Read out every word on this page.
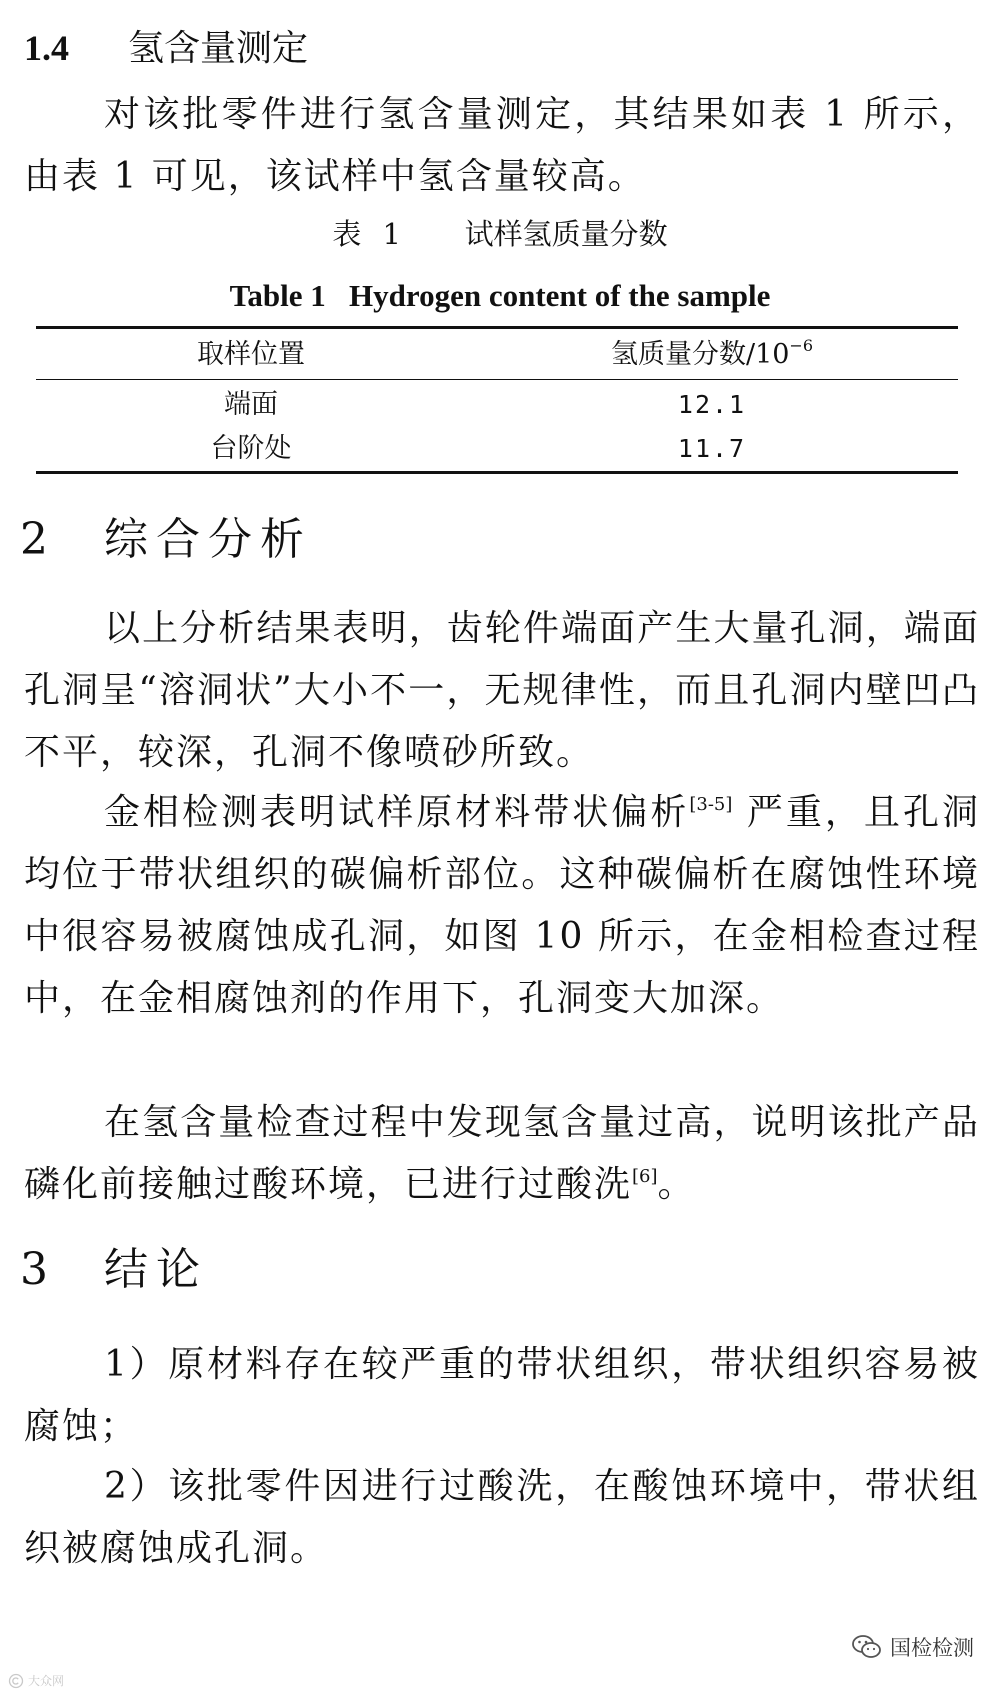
1.4 氢含量测定

对该批零件进行氢含量测定，其结果如表 1 所示，由表 1 可见，该试样中氢含量较高。

表 1   试样氢质量分数
Table 1   Hydrogen content of the sample
取样位置	氢质量分数$/10^{-6}$
端面	12.1
台阶处	11.7
2 综合分析

以上分析结果表明，齿轮件端面产生大量孔洞，端面孔洞呈“溶洞状”大小不一，无规律性，而且孔洞内壁凹凸不平，较深，孔洞不像喷砂所致。

金相检测表明试样原材料带状偏析[3-5] 严重，且孔洞均位于带状组织的碳偏析部位。这种碳偏析在腐蚀性环境中很容易被腐蚀成孔洞，如图 10 所示，在金相检查过程中，在金相腐蚀剂的作用下，孔洞变大加深。

在氢含量检查过程中发现氢含量过高，说明该批产品磷化前接触过酸环境，已进行过酸洗[6]。

3 结论

1）原材料存在较严重的带状组织，带状组织容易被腐蚀；

2）该批零件因进行过酸洗，在酸蚀环境中，带状组织被腐蚀成孔洞。

国检检测
大众网
